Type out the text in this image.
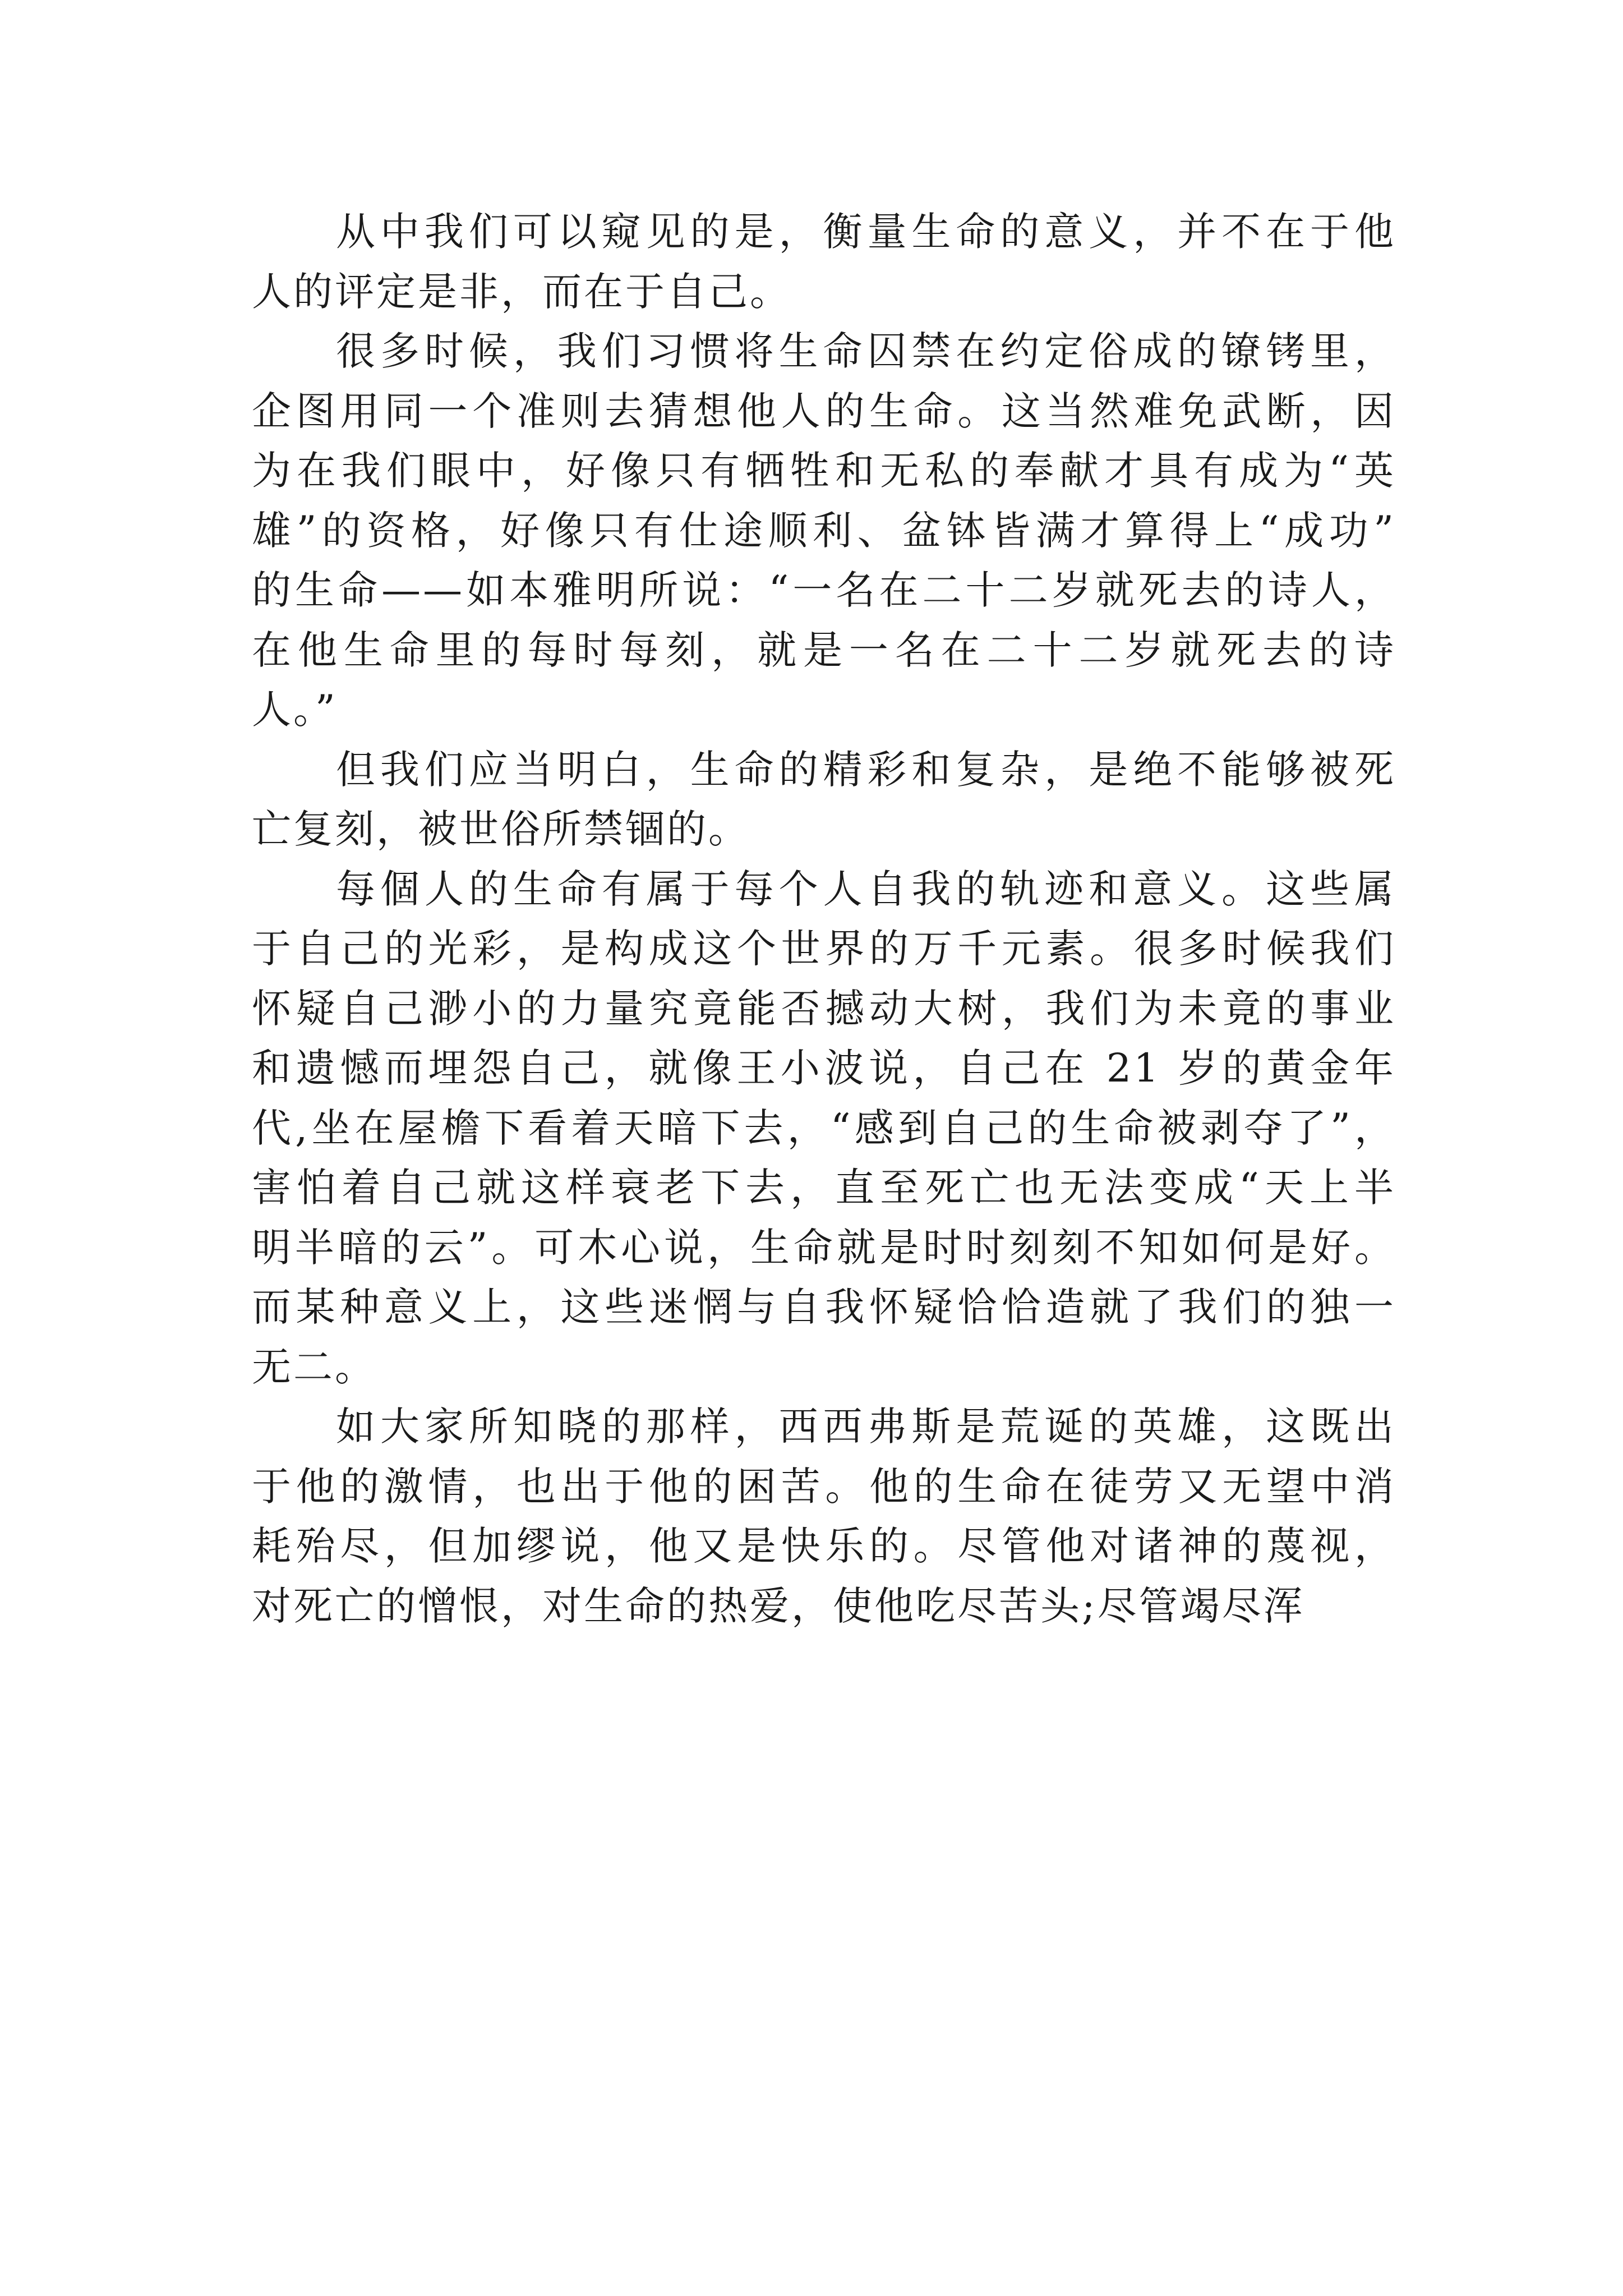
从中我们可以窥见的是，衡量生命的意义，并不在于他
人的评定是非，而在于自己。
很多时候，我们习惯将生命囚禁在约定俗成的镣铐里，
企图用同一个准则去猜想他人的生命。这当然难免武断，因
为在我们眼中，好像只有牺牲和无私的奉献才具有成为“英
雄”的资格，好像只有仕途顺利、盆钵皆满才算得上“成功”
的生命——如本雅明所说：“一名在二十二岁就死去的诗人，
在他生命里的每时每刻，就是一名在二十二岁就死去的诗
人。”
但我们应当明白，生命的精彩和复杂，是绝不能够被死
亡复刻，被世俗所禁锢的。
每個人的生命有属于每个人自我的轨迹和意义。这些属
于自己的光彩，是构成这个世界的万千元素。很多时候我们
怀疑自己渺小的力量究竟能否撼动大树，我们为未竟的事业
和遗憾而埋怨自己，就像王小波说，自己在 21 岁的黄金年
代,坐在屋檐下看着天暗下去，“感到自己的生命被剥夺了”，
害怕着自己就这样衰老下去，直至死亡也无法变成“天上半
明半暗的云”。可木心说，生命就是时时刻刻不知如何是好。
而某种意义上，这些迷惘与自我怀疑恰恰造就了我们的独一
无二。
如大家所知晓的那样，西西弗斯是荒诞的英雄，这既出
于他的激情，也出于他的困苦。他的生命在徒劳又无望中消
耗殆尽，但加缪说，他又是快乐的。尽管他对诸神的蔑视，
对死亡的憎恨，对生命的热爱，使他吃尽苦头;尽管竭尽浑
